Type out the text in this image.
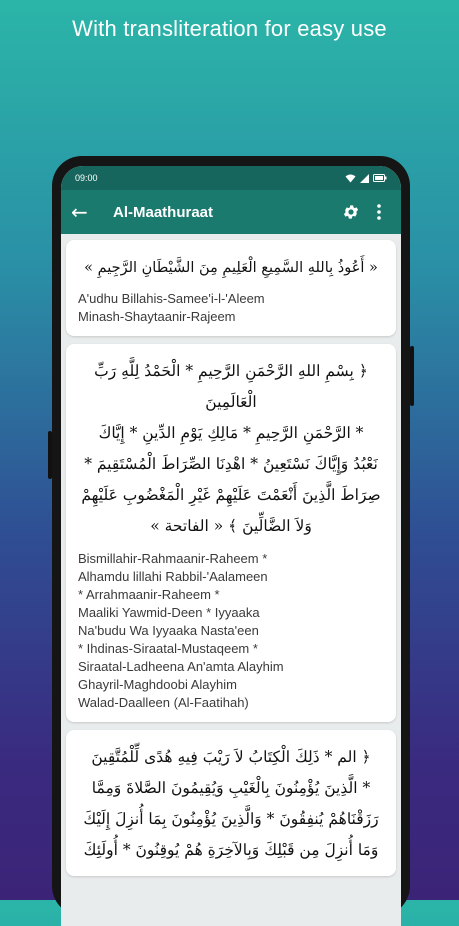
With transliteration for easy use
09:00
←	Al-Maathuraat
« أَعُوذُ بِاللهِ السَّمِيعِ الْعَلِيمِ مِنَ الشَّيْطَانِ الرَّجِيمِ »
A'udhu Billahis-Samee'i-l-'Aleem
Minash-Shaytaanir-Rajeem
﴿ بِسْمِ اللهِ الرَّحْمَنِ الرَّحِيمِ * الْحَمْدُ لِلَّهِ رَبِّ الْعَالَمِينَ
* الرَّحْمَنِ الرَّحِيمِ * مَالِكِ يَوْمِ الدِّينِ * إِيَّاكَ
نَعْبُدُ وَإِيَّاكَ نَسْتَعِينُ * اهْدِنَا الصِّرَاطَ الْمُسْتَقِيمَ *
صِرَاطَ الَّذِينَ أَنْعَمْتَ عَلَيْهِمْ غَيْرِ الْمَغْضُوبِ عَلَيْهِمْ
وَلاَ الضَّالِّينَ ﴾ « الفاتحة »
Bismillahir-Rahmaanir-Raheem *
Alhamdu lillahi Rabbil-'Aalameen
* Arrahmaanir-Raheem *
Maaliki Yawmid-Deen * Iyyaaka
Na'budu Wa Iyyaaka Nasta'een
* Ihdinas-Siraatal-Mustaqeem *
Siraatal-Ladheena An'amta Alayhim
Ghayril-Maghdoobi Alayhim
Walad-Daalleen (Al-Faatihah)
﴿ الم * ذَلِكَ الْكِتَابُ لاَ رَيْبَ فِيهِ هُدًى لِّلْمُتَّقِينَ
* الَّذِينَ يُؤْمِنُونَ بِالْغَيْبِ وَيُقِيمُونَ الصَّلاةَ وَمِمَّا
رَزَقْنَاهُمْ يُنفِقُونَ * وَالَّذِينَ يُؤْمِنُونَ بِمَا أُنزِلَ إِلَيْكَ
وَمَا أُنزِلَ مِن قَبْلِكَ وَبِالآخِرَةِ هُمْ يُوقِنُونَ * أُولَئِكَ
